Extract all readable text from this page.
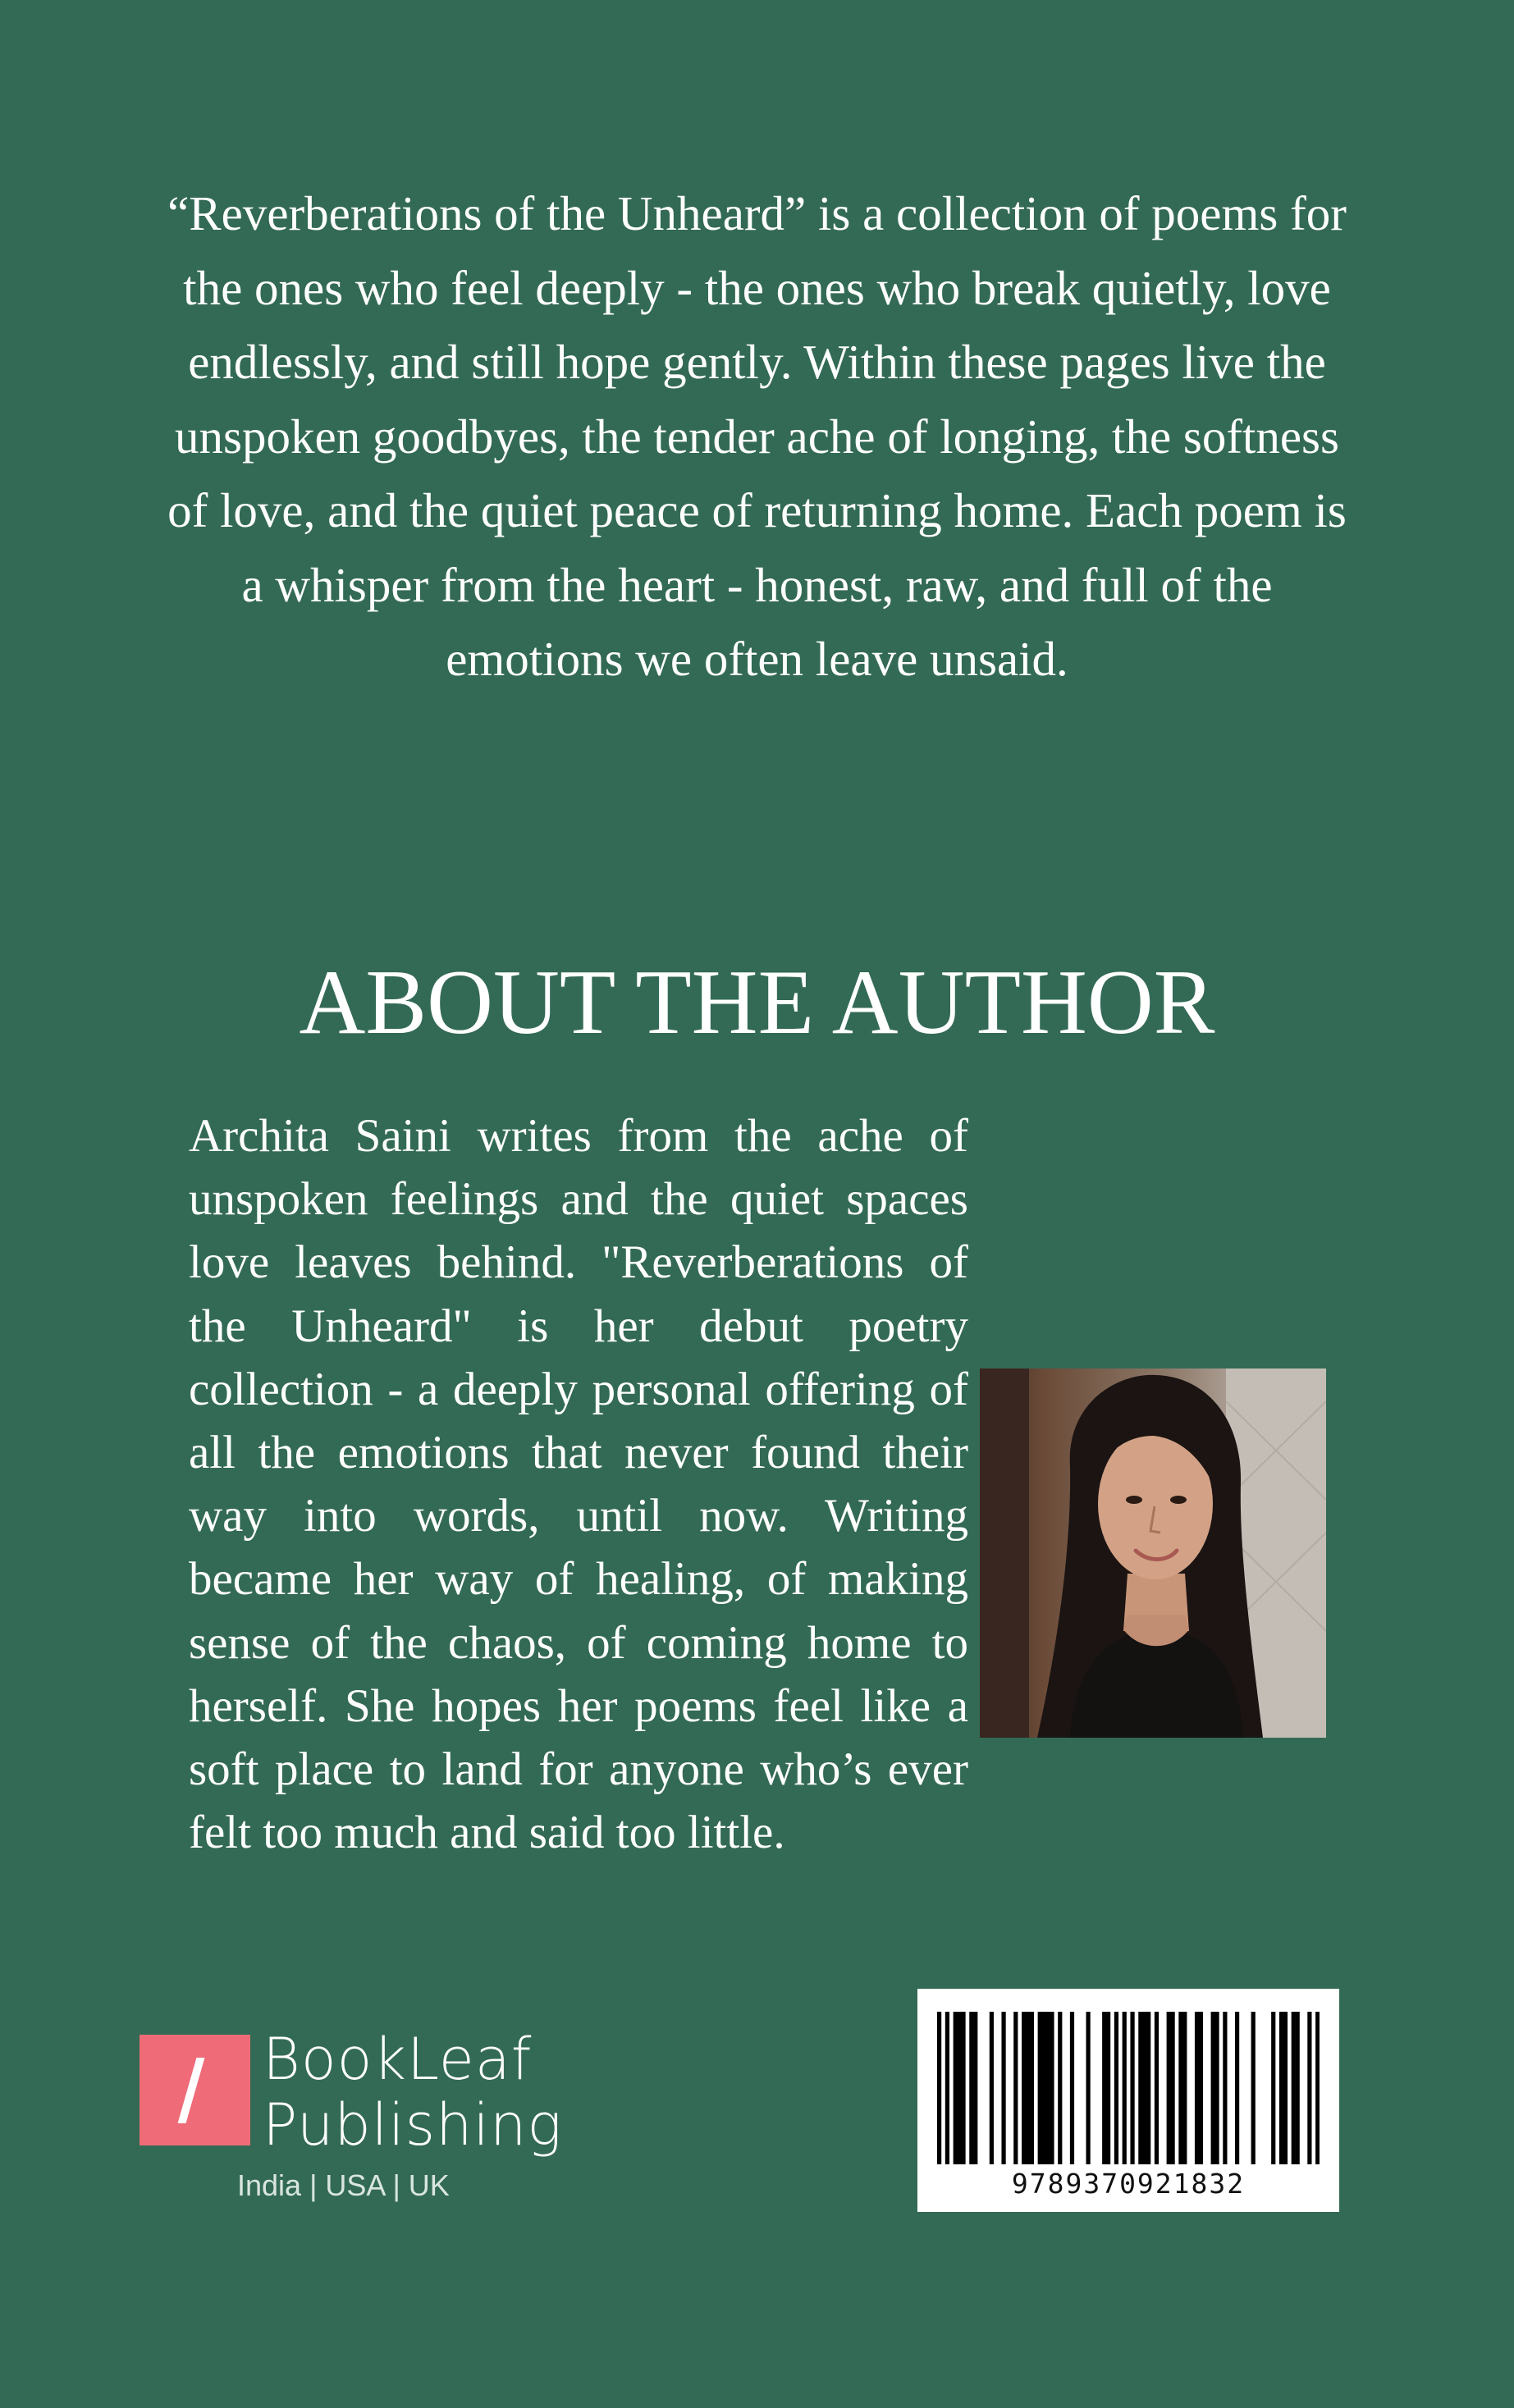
“Reverberations of the Unheard” is a collection of poems for the ones who feel deeply - the ones who break quietly, love endlessly, and still hope gently. Within these pages live the unspoken goodbyes, the tender ache of longing, the softness of love, and the quiet peace of returning home. Each poem is a whisper from the heart - honest, raw, and full of the emotions we often leave unsaid.
ABOUT THE AUTHOR

Archita Saini writes from the ache of unspoken feelings and the quiet spaces love leaves behind. "Reverberations of the Unheard" is her debut poetry collection - a deeply personal offering of all the emotions that never found their way into words, until now. Writing became her way of healing, of making sense of the chaos, of coming home to herself. She hopes her poems feel like a soft place to land for anyone who’s ever felt too much and said too little.

BookLeaf
Publishing
India | USA | UK	9789370921832
